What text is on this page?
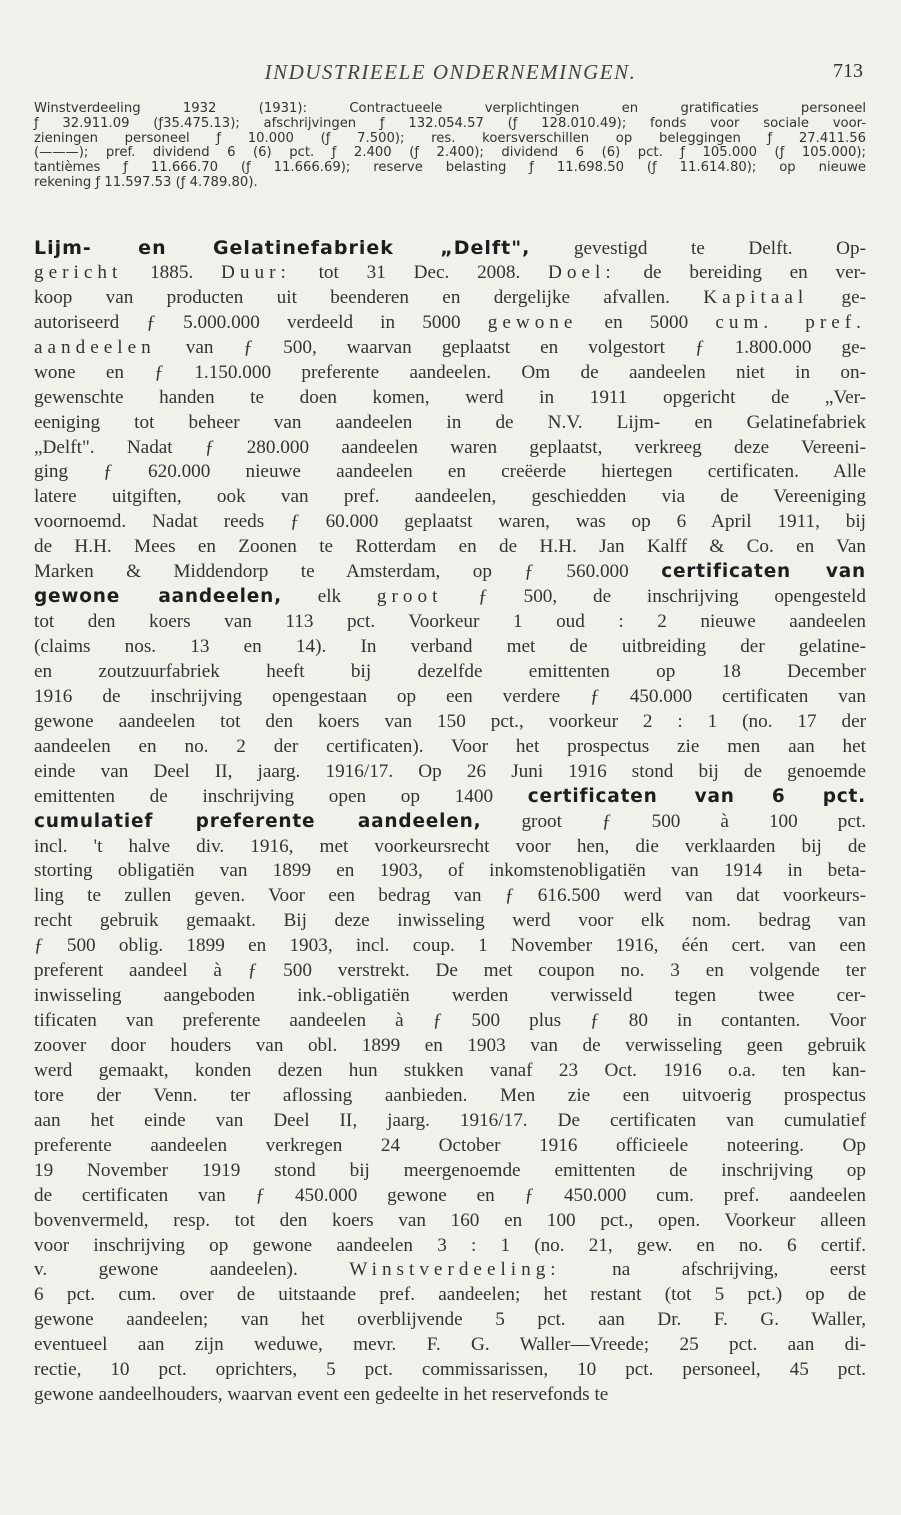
INDUSTRIEELE ONDERNEMINGEN.	713
Winstverdeeling 1932 (1931): Contractueele verplichtingen en gratificaties personeel
ƒ 32.911.09 (ƒ35.475.13); afschrijvingen ƒ 132.054.57 (ƒ 128.010.49); fonds voor sociale voor-
zieningen personeel ƒ 10.000 (ƒ 7.500); res. koersverschillen op beleggingen ƒ 27.411.56
(———); pref. dividend 6 (6) pct. ƒ 2.400 (ƒ 2.400); dividend 6 (6) pct. ƒ 105.000 (ƒ 105.000);
tantièmes ƒ 11.666.70 (ƒ 11.666.69); reserve belasting ƒ 11.698.50 (ƒ 11.614.80); op nieuwe
rekening ƒ 11.597.53 (ƒ 4.789.80).
Lijm- en Gelatinefabriek „Delft", gevestigd te Delft. Op-
gericht 1885. Duur: tot 31 Dec. 2008. Doel: de bereiding en ver-
koop van producten uit beenderen en dergelijke afvallen. Kapitaal ge-
autoriseerd ƒ 5.000.000 verdeeld in 5000 gewone en 5000 cum. pref.
aandeelen van ƒ 500, waarvan geplaatst en volgestort ƒ 1.800.000 ge-
wone en ƒ 1.150.000 preferente aandeelen. Om de aandeelen niet in on-
gewenschte handen te doen komen, werd in 1911 opgericht de „Ver-
eeniging tot beheer van aandeelen in de N.V. Lijm- en Gelatinefabriek
„Delft". Nadat ƒ 280.000 aandeelen waren geplaatst, verkreeg deze Vereeni-
ging ƒ 620.000 nieuwe aandeelen en creëerde hiertegen certificaten. Alle
latere uitgiften, ook van pref. aandeelen, geschiedden via de Vereeniging
voornoemd. Nadat reeds ƒ 60.000 geplaatst waren, was op 6 April 1911, bij
de H.H. Mees en Zoonen te Rotterdam en de H.H. Jan Kalff & Co. en Van
Marken & Middendorp te Amsterdam, op ƒ 560.000 certificaten van
gewone aandeelen, elk groot ƒ 500, de inschrijving opengesteld
tot den koers van 113 pct. Voorkeur 1 oud : 2 nieuwe aandeelen
(claims nos. 13 en 14). In verband met de uitbreiding der gelatine-
en zoutzuurfabriek heeft bij dezelfde emittenten op 18 December
1916 de inschrijving opengestaan op een verdere ƒ 450.000 certificaten van
gewone aandeelen tot den koers van 150 pct., voorkeur 2 : 1 (no. 17 der
aandeelen en no. 2 der certificaten). Voor het prospectus zie men aan het
einde van Deel II, jaarg. 1916/17. Op 26 Juni 1916 stond bij de genoemde
emittenten de inschrijving open op 1400 certificaten van 6 pct.
cumulatief preferente aandeelen, groot ƒ 500 à 100 pct.
incl. 't halve div. 1916, met voorkeursrecht voor hen, die verklaarden bij de
storting obligatiën van 1899 en 1903, of inkomstenobligatiën van 1914 in beta-
ling te zullen geven. Voor een bedrag van ƒ 616.500 werd van dat voorkeurs-
recht gebruik gemaakt. Bij deze inwisseling werd voor elk nom. bedrag van
ƒ 500 oblig. 1899 en 1903, incl. coup. 1 November 1916, één cert. van een
preferent aandeel à ƒ 500 verstrekt. De met coupon no. 3 en volgende ter
inwisseling aangeboden ink.-obligatiën werden verwisseld tegen twee cer-
tificaten van preferente aandeelen à ƒ 500 plus ƒ 80 in contanten. Voor
zoover door houders van obl. 1899 en 1903 van de verwisseling geen gebruik
werd gemaakt, konden dezen hun stukken vanaf 23 Oct. 1916 o.a. ten kan-
tore der Venn. ter aflossing aanbieden. Men zie een uitvoerig prospectus
aan het einde van Deel II, jaarg. 1916/17. De certificaten van cumulatief
preferente aandeelen verkregen 24 October 1916 officieele noteering. Op
19 November 1919 stond bij meergenoemde emittenten de inschrijving op
de certificaten van ƒ 450.000 gewone en ƒ 450.000 cum. pref. aandeelen
bovenvermeld, resp. tot den koers van 160 en 100 pct., open. Voorkeur alleen
voor inschrijving op gewone aandeelen 3 : 1 (no. 21, gew. en no. 6 certif.
v. gewone aandeelen). Winstverdeeling: na afschrijving, eerst
6 pct. cum. over de uitstaande pref. aandeelen; het restant (tot 5 pct.) op de
gewone aandeelen; van het overblijvende 5 pct. aan Dr. F. G. Waller,
eventueel aan zijn weduwe, mevr. F. G. Waller—Vreede; 25 pct. aan di-
rectie, 10 pct. oprichters, 5 pct. commissarissen, 10 pct. personeel, 45 pct.
gewone aandeelhouders, waarvan event een gedeelte in het reservefonds te
